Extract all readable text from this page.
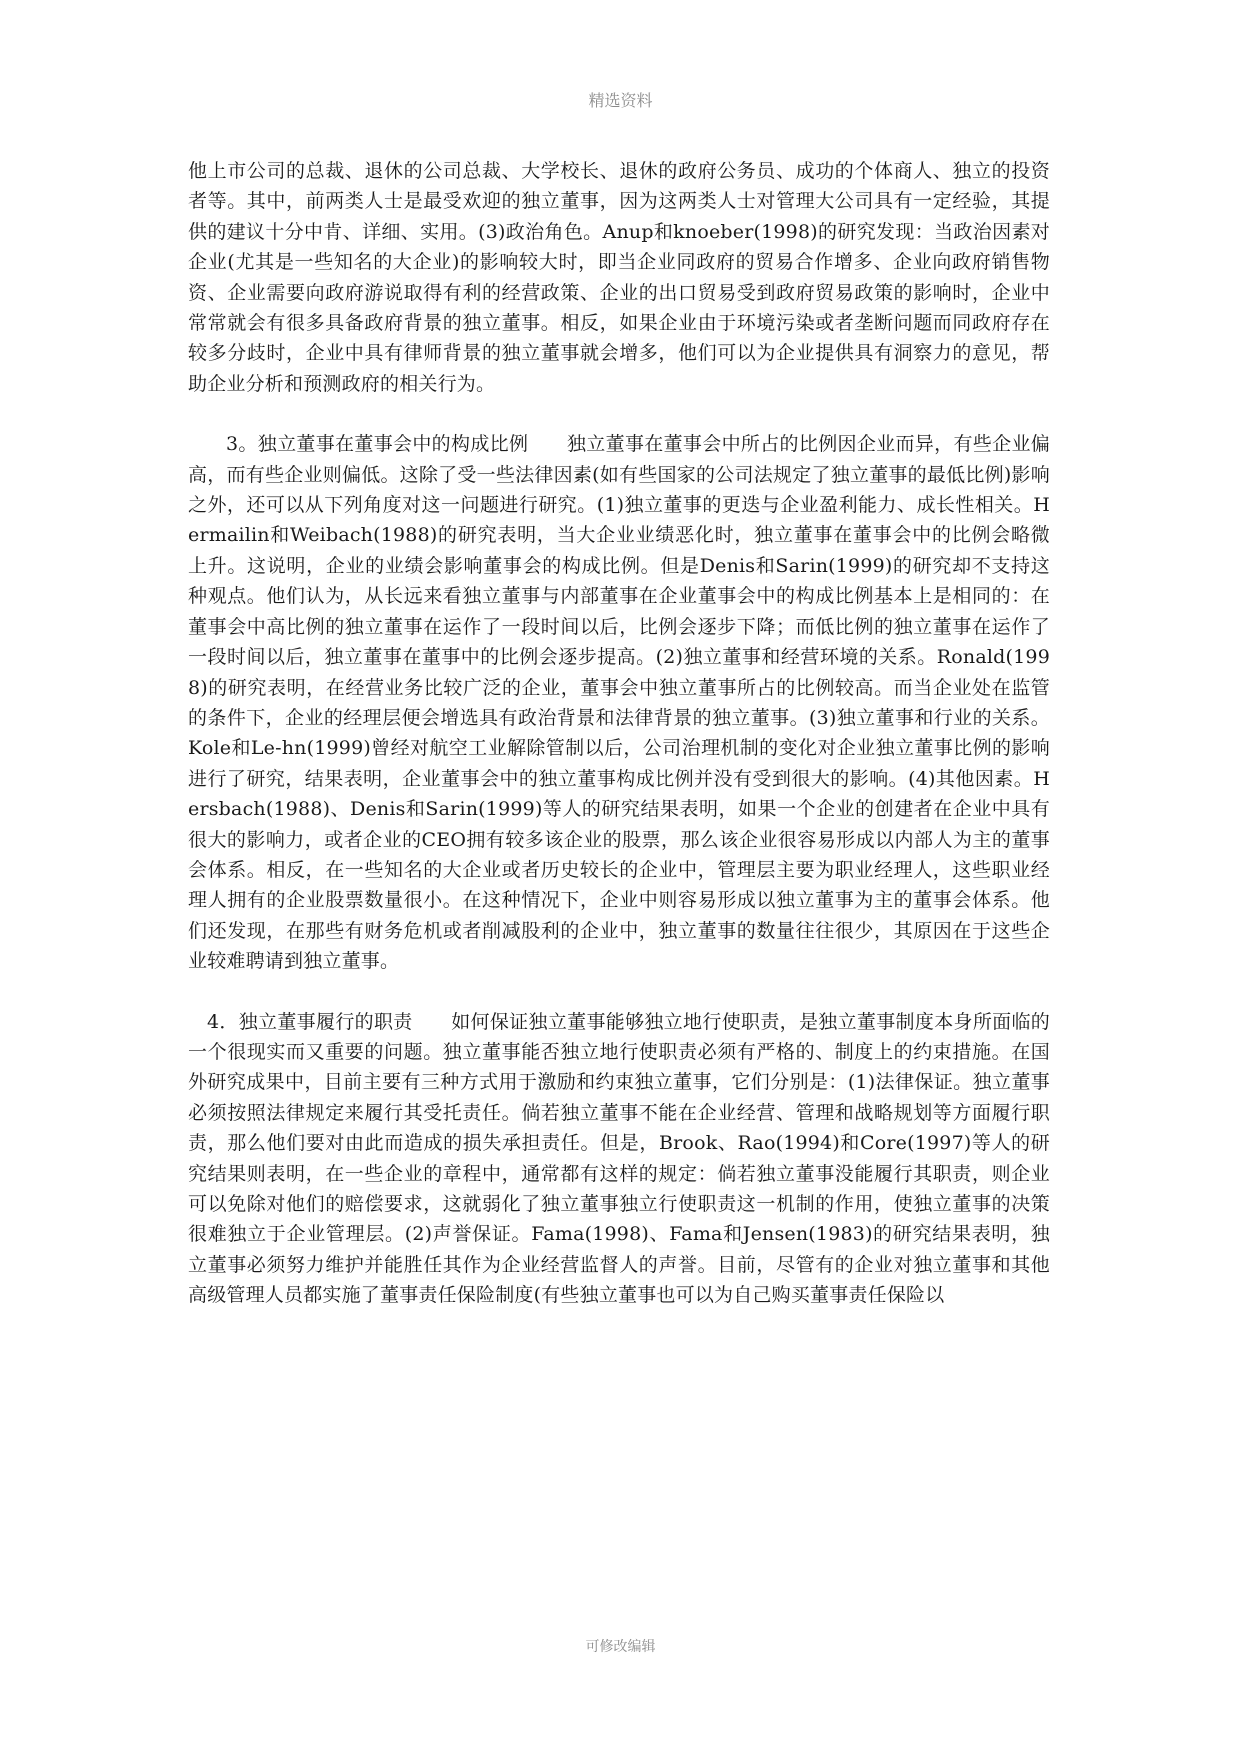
精选资料

他上市公司的总裁、退休的公司总裁、大学校长、退休的政府公务员、成功的个体商人、独立的投资者等。其中，前两类人士是最受欢迎的独立董事，因为这两类人士对管理大公司具有一定经验，其提供的建议十分中肯、详细、实用。(3)政治角色。Anup和knoeber(1998)的研究发现：当政治因素对企业(尤其是一些知名的大企业)的影响较大时，即当企业同政府的贸易合作增多、企业向政府销售物资、企业需要向政府游说取得有利的经营政策、企业的出口贸易受到政府贸易政策的影响时，企业中常常就会有很多具备政府背景的独立董事。相反，如果企业由于环境污染或者垄断问题而同政府存在较多分歧时，企业中具有律师背景的独立董事就会增多，他们可以为企业提供具有洞察力的意见，帮助企业分析和预测政府的相关行为。

3。独立董事在董事会中的构成比例　　独立董事在董事会中所占的比例因企业而异，有些企业偏高，而有些企业则偏低。这除了受一些法律因素(如有些国家的公司法规定了独立董事的最低比例)影响之外，还可以从下列角度对这一问题进行研究。(1)独立董事的更迭与企业盈利能力、成长性相关。Hermailin和Weibach(1988)的研究表明，当大企业业绩恶化时，独立董事在董事会中的比例会略微上升。这说明，企业的业绩会影响董事会的构成比例。但是Denis和Sarin(1999)的研究却不支持这种观点。他们认为，从长远来看独立董事与内部董事在企业董事会中的构成比例基本上是相同的：在董事会中高比例的独立董事在运作了一段时间以后，比例会逐步下降；而低比例的独立董事在运作了一段时间以后，独立董事在董事中的比例会逐步提高。(2)独立董事和经营环境的关系。Ronald(1998)的研究表明，在经营业务比较广泛的企业，董事会中独立董事所占的比例较高。而当企业处在监管的条件下，企业的经理层便会增选具有政治背景和法律背景的独立董事。(3)独立董事和行业的关系。Kole和Le-hn(1999)曾经对航空工业解除管制以后，公司治理机制的变化对企业独立董事比例的影响进行了研究，结果表明，企业董事会中的独立董事构成比例并没有受到很大的影响。(4)其他因素。Hersbach(1988)、Denis和Sarin(1999)等人的研究结果表明，如果一个企业的创建者在企业中具有很大的影响力，或者企业的CEO拥有较多该企业的股票，那么该企业很容易形成以内部人为主的董事会体系。相反，在一些知名的大企业或者历史较长的企业中，管理层主要为职业经理人，这些职业经理人拥有的企业股票数量很小。在这种情况下，企业中则容易形成以独立董事为主的董事会体系。他们还发现，在那些有财务危机或者削减股利的企业中，独立董事的数量往往很少，其原因在于这些企业较难聘请到独立董事。

4．独立董事履行的职责　　如何保证独立董事能够独立地行使职责，是独立董事制度本身所面临的一个很现实而又重要的问题。独立董事能否独立地行使职责必须有严格的、制度上的约束措施。在国外研究成果中，目前主要有三种方式用于激励和约束独立董事，它们分别是：(1)法律保证。独立董事必须按照法律规定来履行其受托责任。倘若独立董事不能在企业经营、管理和战略规划等方面履行职责，那么他们要对由此而造成的损失承担责任。但是，Brook、Rao(1994)和Core(1997)等人的研究结果则表明，在一些企业的章程中，通常都有这样的规定：倘若独立董事没能履行其职责，则企业可以免除对他们的赔偿要求，这就弱化了独立董事独立行使职责这一机制的作用，使独立董事的决策很难独立于企业管理层。(2)声誉保证。Fama(1998)、Fama和Jensen(1983)的研究结果表明，独立董事必须努力维护并能胜任其作为企业经营监督人的声誉。目前，尽管有的企业对独立董事和其他高级管理人员都实施了董事责任保险制度(有些独立董事也可以为自己购买董事责任保险以

可修改编辑
